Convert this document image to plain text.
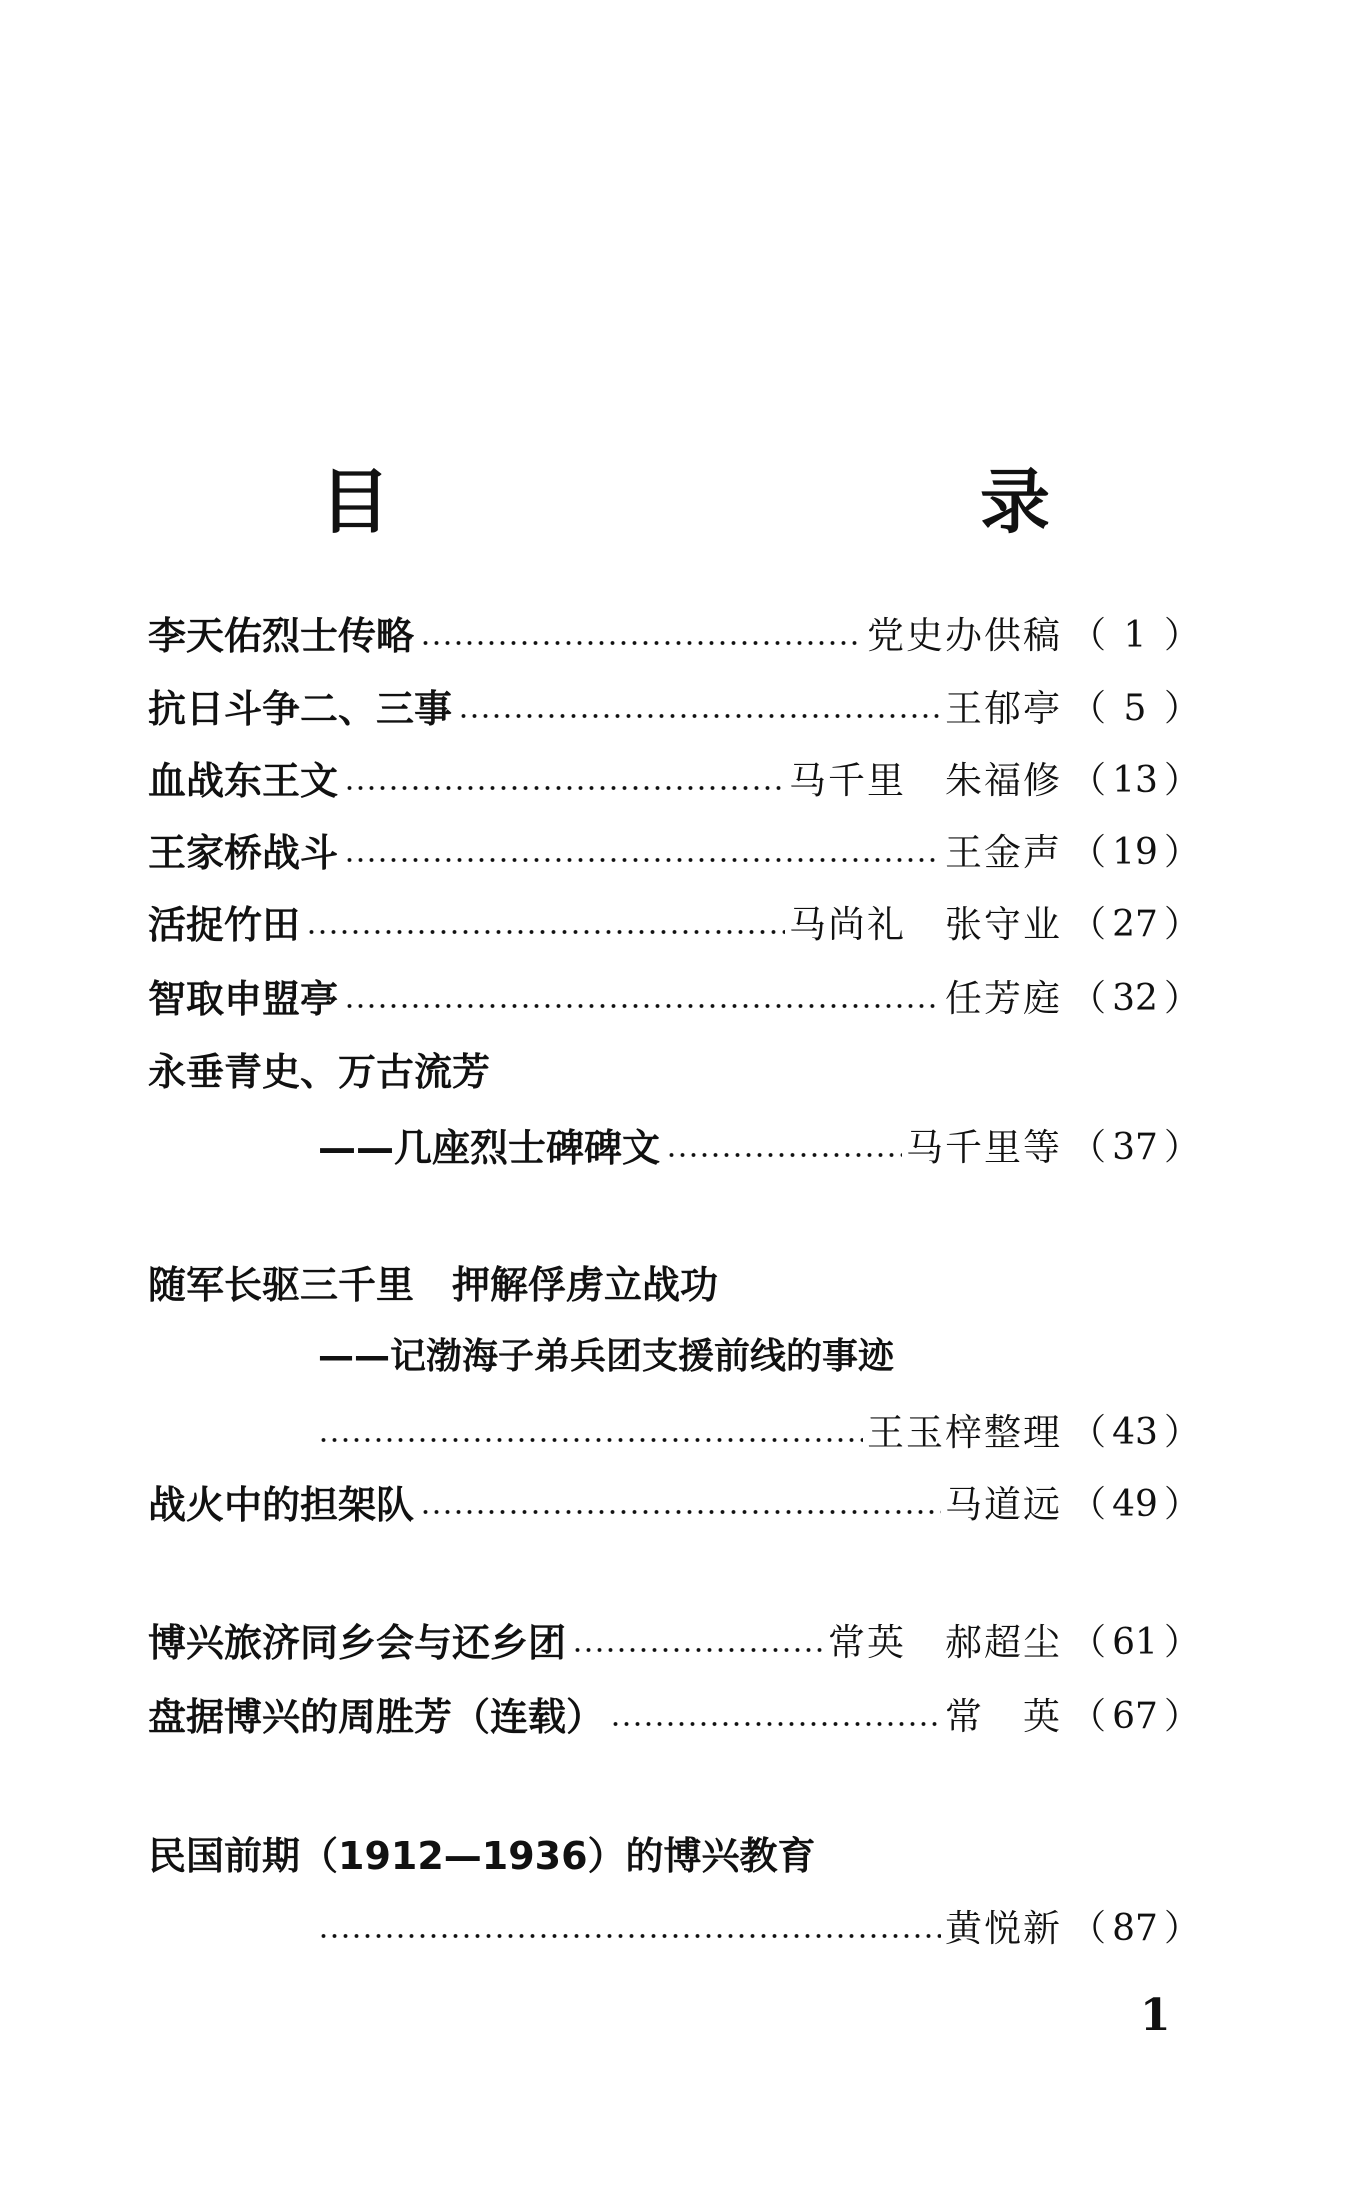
目　　录
李天佑烈士传略	党史办供稿 （ 1 ）
抗日斗争二、三事	王郁亭 （ 5 ）
血战东王文	马千里　朱福修 （ 13 ）
王家桥战斗	王金声 （ 19 ）
活捉竹田	马尚礼　张守业 （ 27 ）
智取申盟亭	任芳庭 （ 32 ）
永垂青史、万古流芳
——几座烈士碑碑文	马千里等 （ 37 ）
随军长驱三千里　押解俘虏立战功
——记渤海子弟兵团支援前线的事迹
王玉梓整理 （ 43 ）
战火中的担架队	马道远 （ 49 ）
博兴旅济同乡会与还乡团	常英　郝超尘 （ 61 ）
盘据博兴的周胜芳（连载）	常　英 （ 67 ）
民国前期（1912—1936）的博兴教育
黄悦新 （ 87 ）
1
